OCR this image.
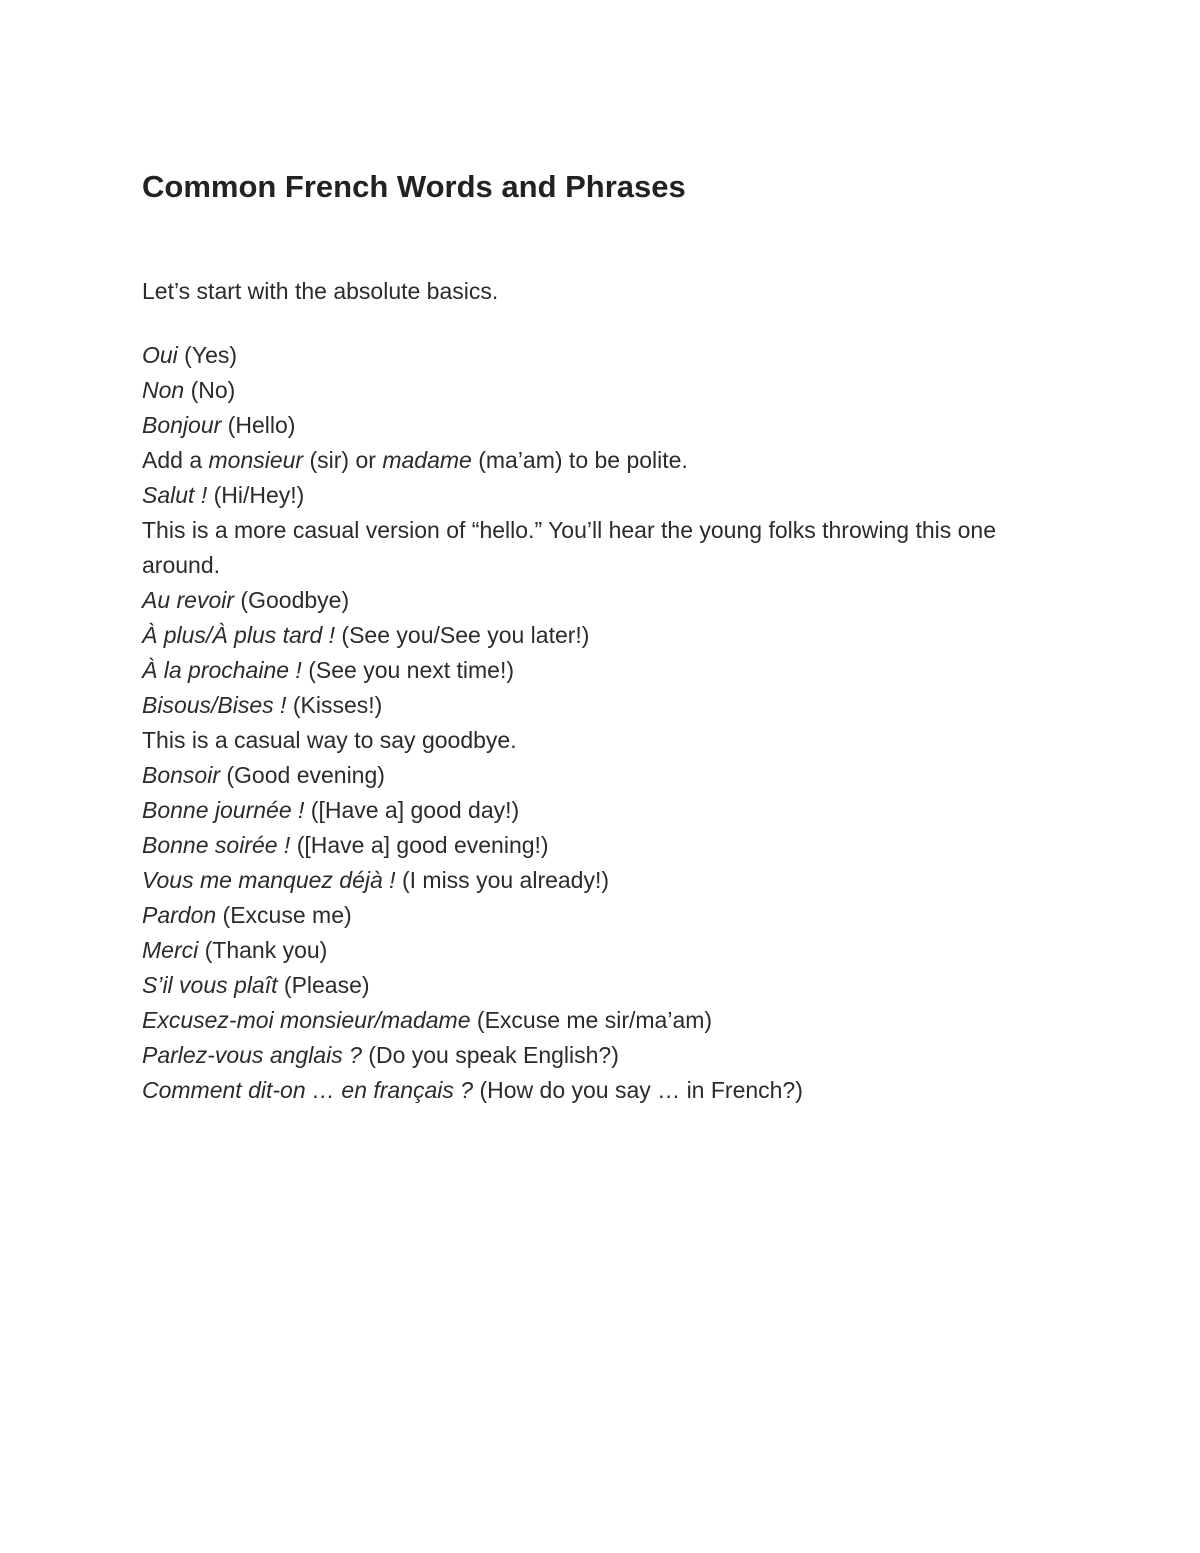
Common French Words and Phrases

Let’s start with the absolute basics.

Oui (Yes)

Non (No)

Bonjour (Hello)

Add a monsieur (sir) or madame (ma’am) to be polite.

Salut ! (Hi/Hey!)

This is a more casual version of “hello.” You’ll hear the young folks throwing this one around.

Au revoir (Goodbye)

À plus/À plus tard ! (See you/See you later!)

À la prochaine ! (See you next time!)

Bisous/Bises ! (Kisses!)

This is a casual way to say goodbye.

Bonsoir (Good evening)

Bonne journée ! ([Have a] good day!)

Bonne soirée ! ([Have a] good evening!)

Vous me manquez déjà ! (I miss you already!)

Pardon (Excuse me)

Merci (Thank you)

S’il vous plaît (Please)

Excusez-moi monsieur/madame (Excuse me sir/ma’am)

Parlez-vous anglais ? (Do you speak English?)

Comment dit-on … en français ? (How do you say … in French?)
